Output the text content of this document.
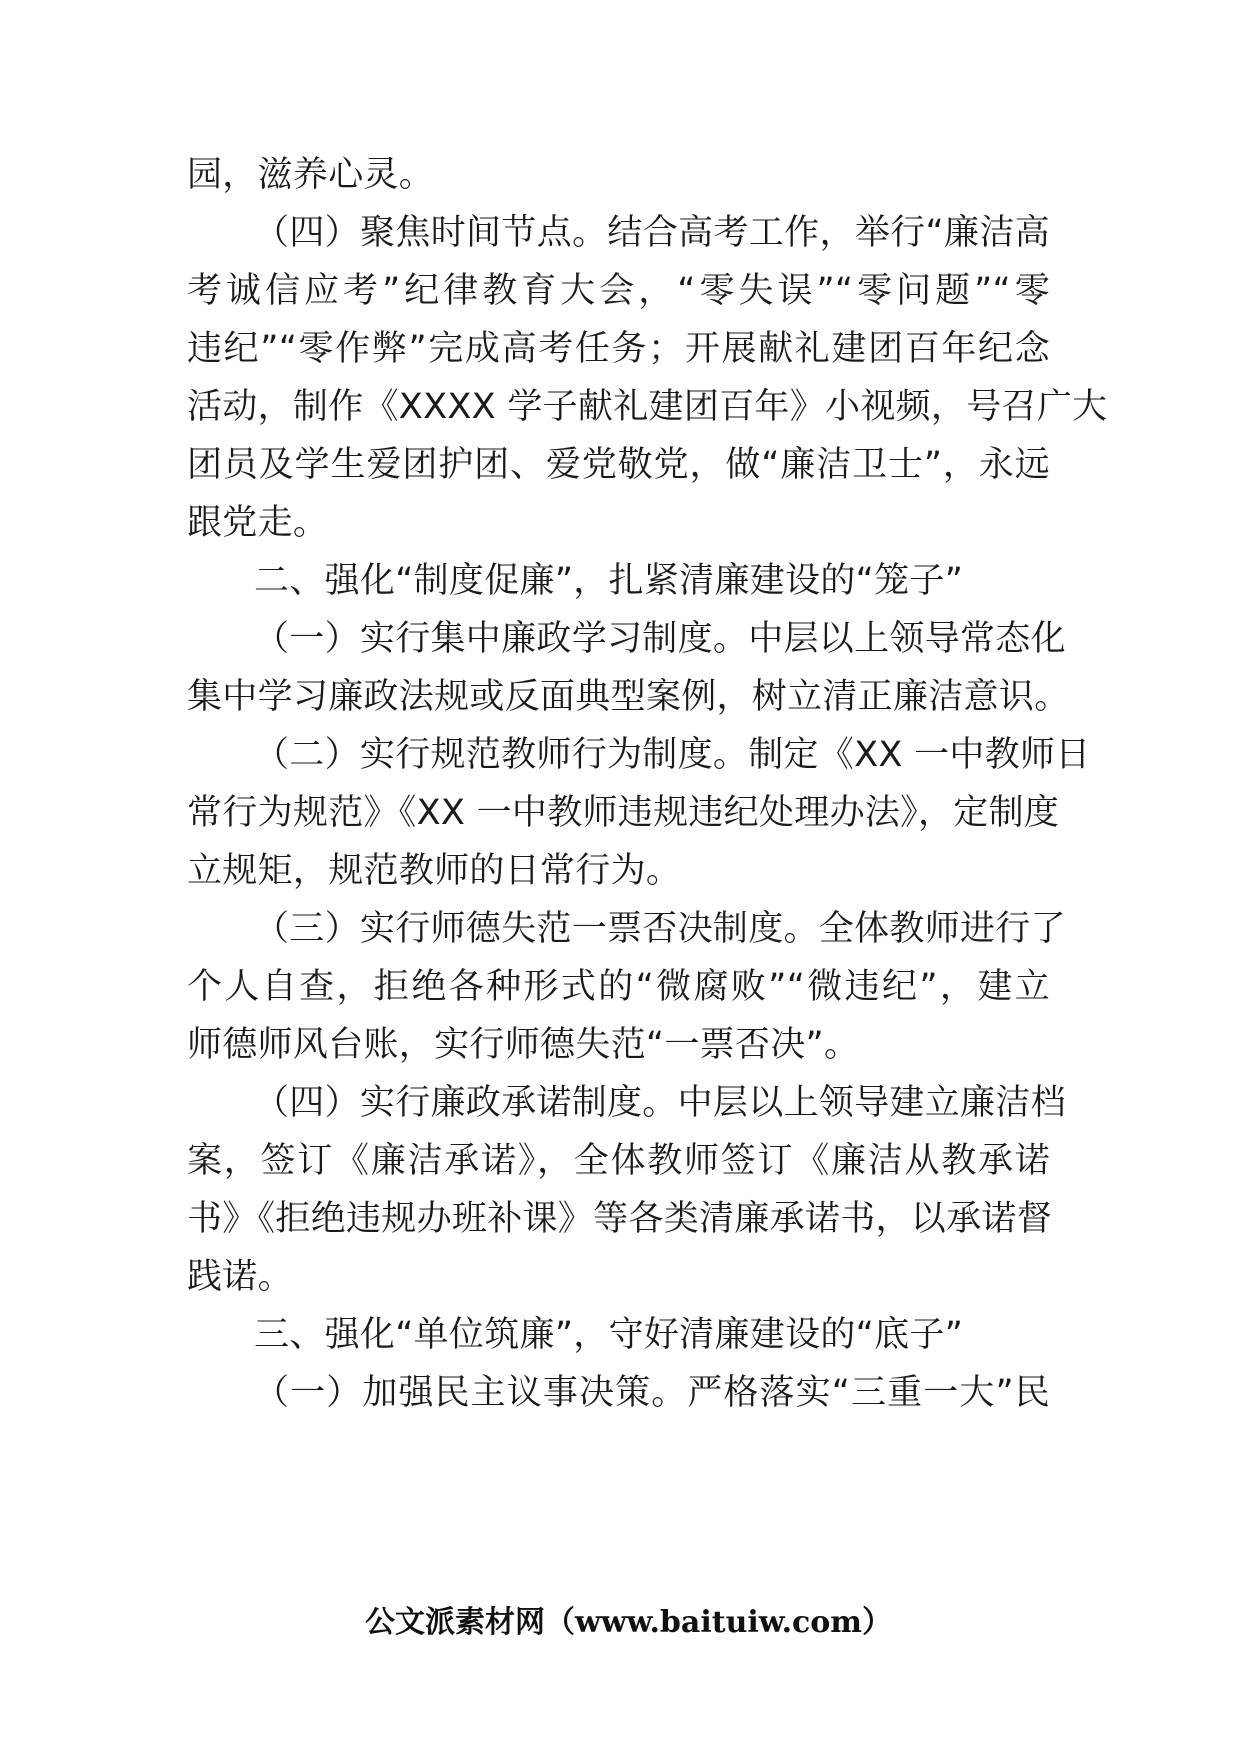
园，滋养心灵。
（四）聚焦时间节点。结合高考工作，举行“廉洁高
考诚信应考”纪律教育大会，“零失误”“零问题”“零
违纪”“零作弊”完成高考任务；开展献礼建团百年纪念
活动，制作《XXXX 学子献礼建团百年》小视频，号召广大
团员及学生爱团护团、爱党敬党，做“廉洁卫士”，永远
跟党走。
二、强化“制度促廉”，扎紧清廉建设的“笼子”
（一）实行集中廉政学习制度。中层以上领导常态化
集中学习廉政法规或反面典型案例，树立清正廉洁意识。
（二）实行规范教师行为制度。制定《XX 一中教师日
常行为规范》《XX 一中教师违规违纪处理办法》，定制度
立规矩，规范教师的日常行为。
（三）实行师德失范一票否决制度。全体教师进行了
个人自查，拒绝各种形式的“微腐败”“微违纪”，建立
师德师风台账，实行师德失范“一票否决”。
（四）实行廉政承诺制度。中层以上领导建立廉洁档
案，签订《廉洁承诺》，全体教师签订《廉洁从教承诺
书》《拒绝违规办班补课》等各类清廉承诺书，以承诺督
践诺。
三、强化“单位筑廉”，守好清廉建设的“底子”
（一）加强民主议事决策。严格落实“三重一大”民
公文派素材网（www.baituiw.com）
